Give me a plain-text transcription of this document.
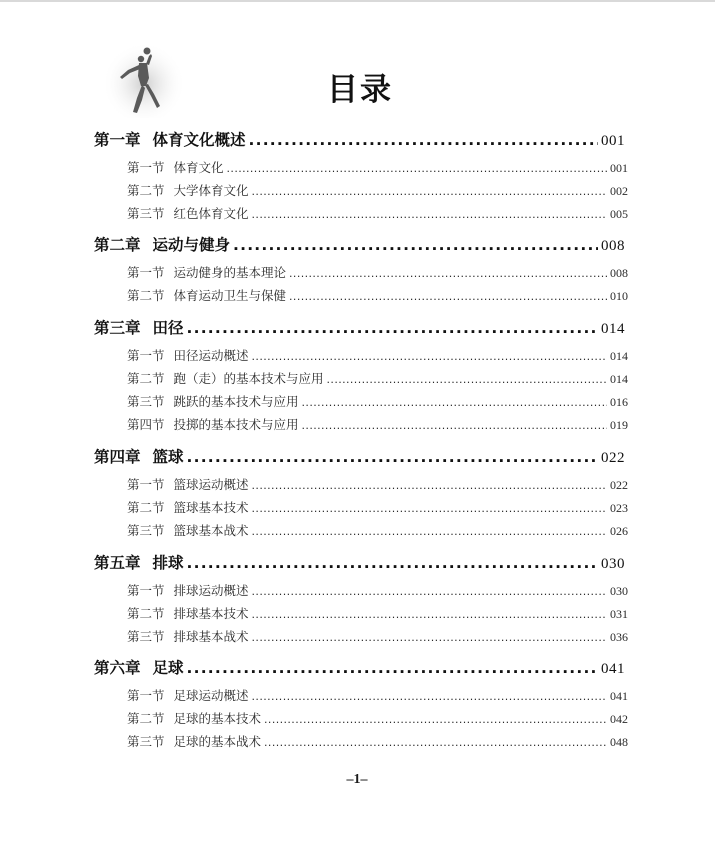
目录
第一章 体育文化概述 .....	001
第一节 体育文化 .....	001
第二节 大学体育文化 .....	002
第三节 红色体育文化 .....	005
第二章 运动与健身 .....	008
第一节 运动健身的基本理论 .....	008
第二节 体育运动卫生与保健 .....	010
第三章 田径 .....	014
第一节 田径运动概述 .....	014
第二节 跑（走）的基本技术与应用 .....	014
第三节 跳跃的基本技术与应用 .....	016
第四节 投掷的基本技术与应用 .....	019
第四章 篮球 .....	022
第一节 篮球运动概述 .....	022
第二节 篮球基本技术 .....	023
第三节 篮球基本战术 .....	026
第五章 排球 .....	030
第一节 排球运动概述 .....	030
第二节 排球基本技术 .....	031
第三节 排球基本战术 .....	036
第六章 足球 .....	041
第一节 足球运动概述 .....	041
第二节 足球的基本技术 .....	042
第三节 足球的基本战术 .....	048
–1–
